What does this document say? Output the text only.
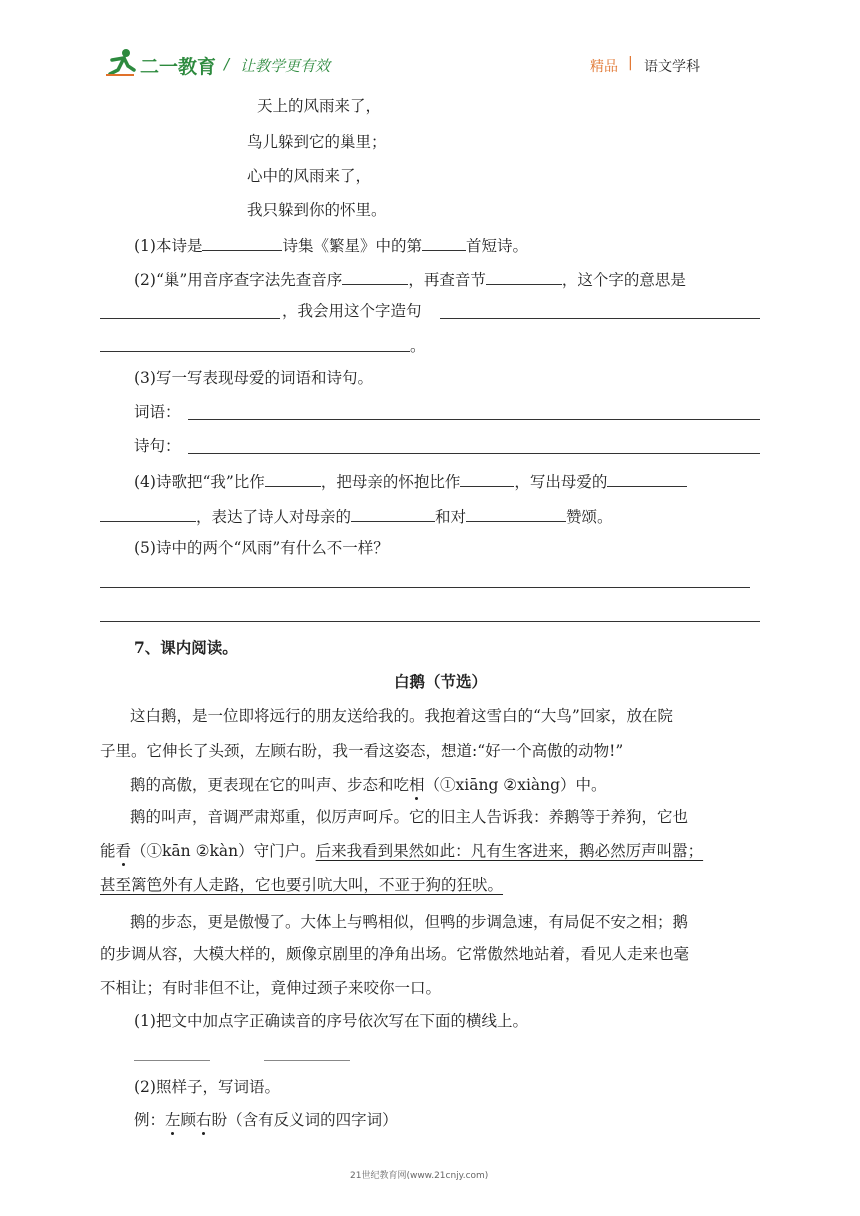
二一教育 / 让教学更有效	精品 | 语文学科
天上的风雨来了，
鸟儿躲到它的巢里；
心中的风雨来了，
我只躲到你的怀里。
(1)本诗是	诗集《繁星》中的第	首短诗。
(2)“巢”用音序查字法先查音序	，再查音节	，这个字的意思是
，我会用这个字造句
。
(3)写一写表现母爱的词语和诗句。
词语：
诗句：
(4)诗歌把“我”比作	，把母亲的怀抱比作	，写出母爱的
，表达了诗人对母亲的	和对	赞颂。
(5)诗中的两个“风雨”有什么不一样？
7、课内阅读。
白鹅（节选）
这白鹅，是一位即将远行的朋友送给我的。我抱着这雪白的“大鸟”回家，放在院
子里。它伸长了头颈，左顾右盼，我一看这姿态，想道:“好一个高傲的动物!”
鹅的高傲，更表现在它的叫声、步态和吃相（①xiāng ②xiàng）中。
鹅的叫声，音调严肃郑重，似厉声呵斥。它的旧主人告诉我：养鹅等于养狗，它也
能看（①kān ②kàn）守门户。后来我看到果然如此：凡有生客进来，鹅必然厉声叫嚣；
甚至篱笆外有人走路，它也要引吭大叫，不亚于狗的狂吠。
鹅的步态，更是傲慢了。大体上与鸭相似，但鸭的步调急速，有局促不安之相；鹅
的步调从容，大模大样的，颇像京剧里的净角出场。它常傲然地站着，看见人走来也毫
不相让；有时非但不让，竟伸过颈子来咬你一口。
(1)把文中加点字正确读音的序号依次写在下面的横线上。
(2)照样子，写词语。
例：左顾右盼（含有反义词的四字词）
21世纪教育网(www.21cnjy.com)
